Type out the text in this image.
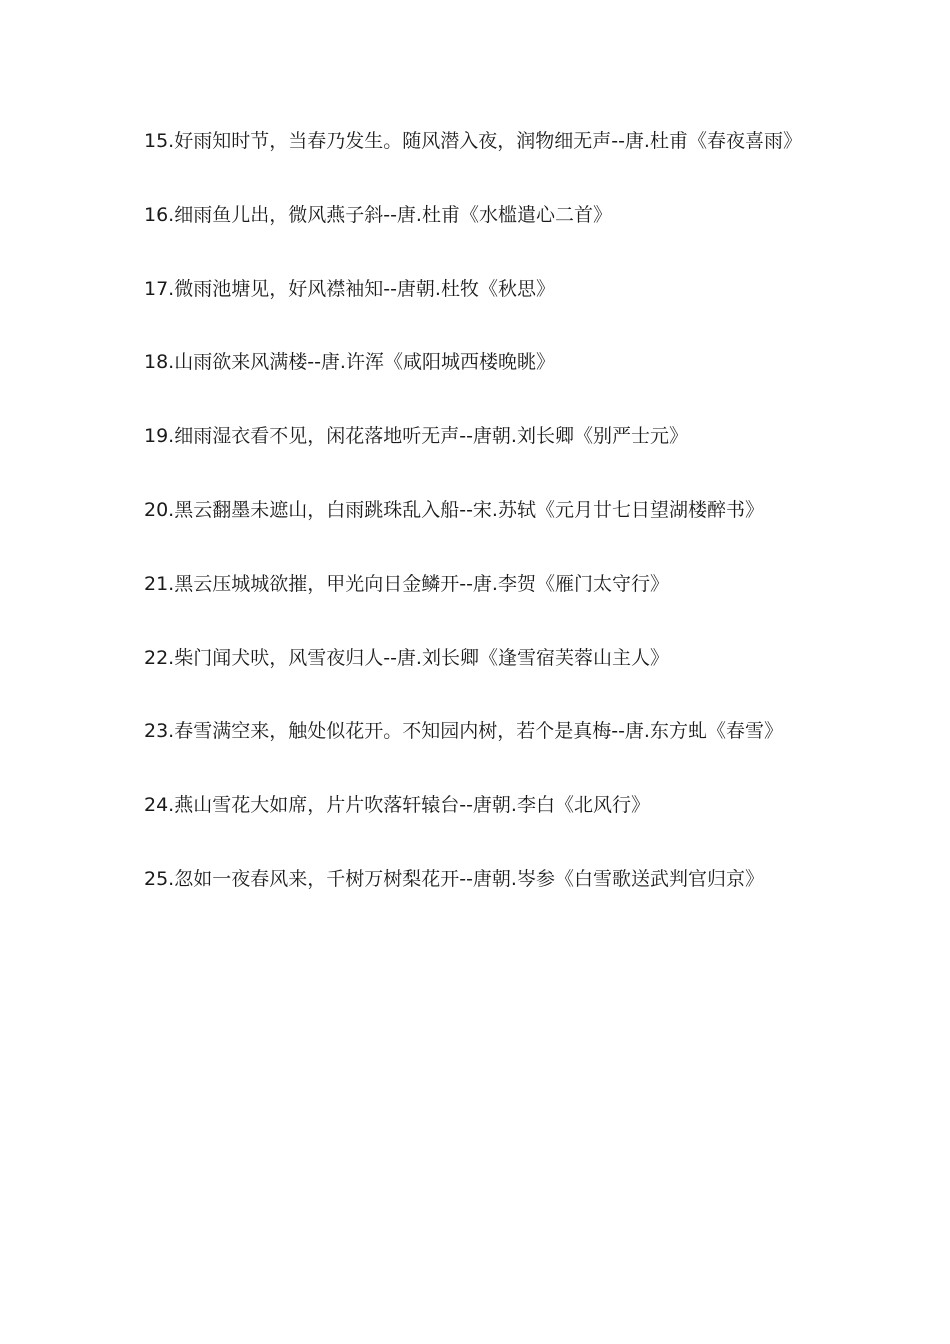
15.好雨知时节，当春乃发生。随风潜入夜，润物细无声--唐.杜甫《春夜喜雨》
16.细雨鱼儿出，微风燕子斜--唐.杜甫《水槛遣心二首》
17.微雨池塘见，好风襟袖知--唐朝.杜牧《秋思》
18.山雨欲来风满楼--唐.许浑《咸阳城西楼晚眺》
19.细雨湿衣看不见，闲花落地听无声--唐朝.刘长卿《别严士元》
20.黑云翻墨未遮山，白雨跳珠乱入船--宋.苏轼《元月廿七日望湖楼醉书》
21.黑云压城城欲摧，甲光向日金鳞开--唐.李贺《雁门太守行》
22.柴门闻犬吠，风雪夜归人--唐.刘长卿《逢雪宿芙蓉山主人》
23.春雪满空来，触处似花开。不知园内树，若个是真梅--唐.东方虬《春雪》
24.燕山雪花大如席，片片吹落轩辕台--唐朝.李白《北风行》
25.忽如一夜春风来，千树万树梨花开--唐朝.岑参《白雪歌送武判官归京》
